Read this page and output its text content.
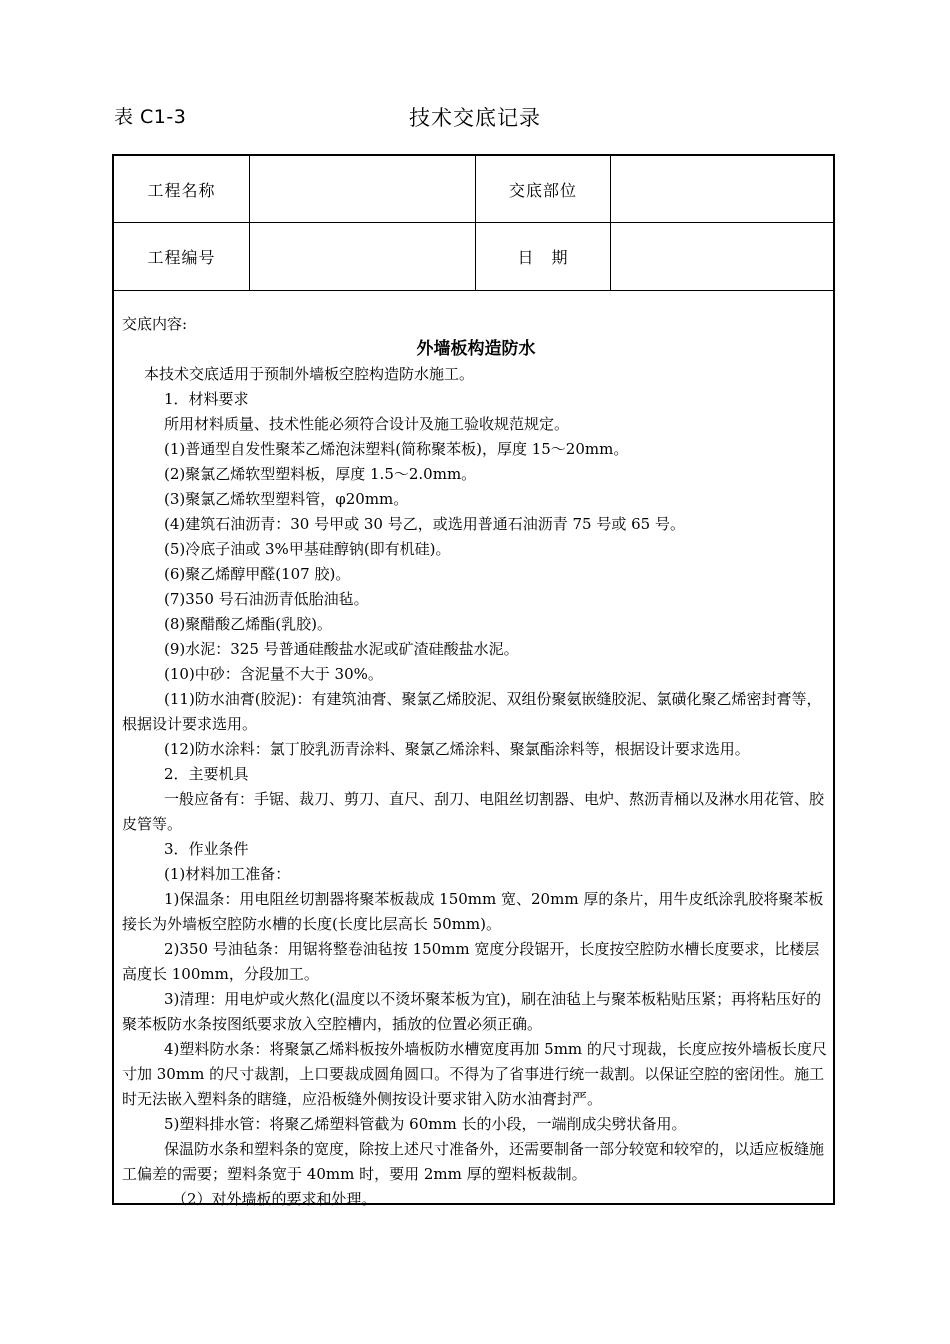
表 C1-3	技术交底记录
工程名称	交底部位
工程编号	日　期

交底内容:

外墙板构造防水

本技术交底适用于预制外墙板空腔构造防水施工。

1．材料要求

所用材料质量、技术性能必须符合设计及施工验收规范规定。

(1)普通型自发性聚苯乙烯泡沫塑料(简称聚苯板)，厚度 15～20mm。

(2)聚氯乙烯软型塑料板，厚度 1.5～2.0mm。

(3)聚氯乙烯软型塑料管，φ20mm。

(4)建筑石油沥青：30 号甲或 30 号乙，或选用普通石油沥青 75 号或 65 号。

(5)冷底子油或 3%甲基硅醇钠(即有机硅)。

(6)聚乙烯醇甲醛(107 胶)。

(7)350 号石油沥青低胎油毡。

(8)聚醋酸乙烯酯(乳胶)。

(9)水泥：325 号普通硅酸盐水泥或矿渣硅酸盐水泥。

(10)中砂：含泥量不大于 30%。

(11)防水油膏(胶泥)：有建筑油膏、聚氯乙烯胶泥、双组份聚氨嵌缝胶泥、氯磺化聚乙烯密封膏等，根据设计要求选用。

(12)防水涂料：氯丁胶乳沥青涂料、聚氯乙烯涂料、聚氯酯涂料等，根据设计要求选用。

2．主要机具

一般应备有：手锯、裁刀、剪刀、直尺、刮刀、电阻丝切割器、电炉、熬沥青桶以及淋水用花管、胶皮管等。

3．作业条件

(1)材料加工准备：

1)保温条：用电阻丝切割器将聚苯板裁成 150mm 宽、20mm 厚的条片，用牛皮纸涂乳胶将聚苯板接长为外墙板空腔防水槽的长度(长度比层高长 50mm)。

2)350 号油毡条：用锯将整卷油毡按 150mm 宽度分段锯开，长度按空腔防水槽长度要求，比楼层高度长 100mm，分段加工。

3)清理：用电炉或火熬化(温度以不烫坏聚苯板为宜)，刷在油毡上与聚苯板粘贴压紧；再将粘压好的聚苯板防水条按图纸要求放入空腔槽内，插放的位置必须正确。

4)塑料防水条：将聚氯乙烯料板按外墙板防水槽宽度再加 5mm 的尺寸现裁，长度应按外墙板长度尺寸加 30mm 的尺寸裁割，上口要裁成圆角圆口。不得为了省事进行统一裁割。以保证空腔的密闭性。施工时无法嵌入塑料条的瞎缝，应沿板缝外侧按设计要求钳入防水油膏封严。

5)塑料排水管：将聚乙烯塑料管截为 60mm 长的小段，一端削成尖劈状备用。

保温防水条和塑料条的宽度，除按上述尺寸准备外，还需要制备一部分较宽和较窄的，以适应板缝施工偏差的需要；塑料条宽于 40mm 时，要用 2mm 厚的塑料板裁制。

（2）对外墙板的要求和处理。
